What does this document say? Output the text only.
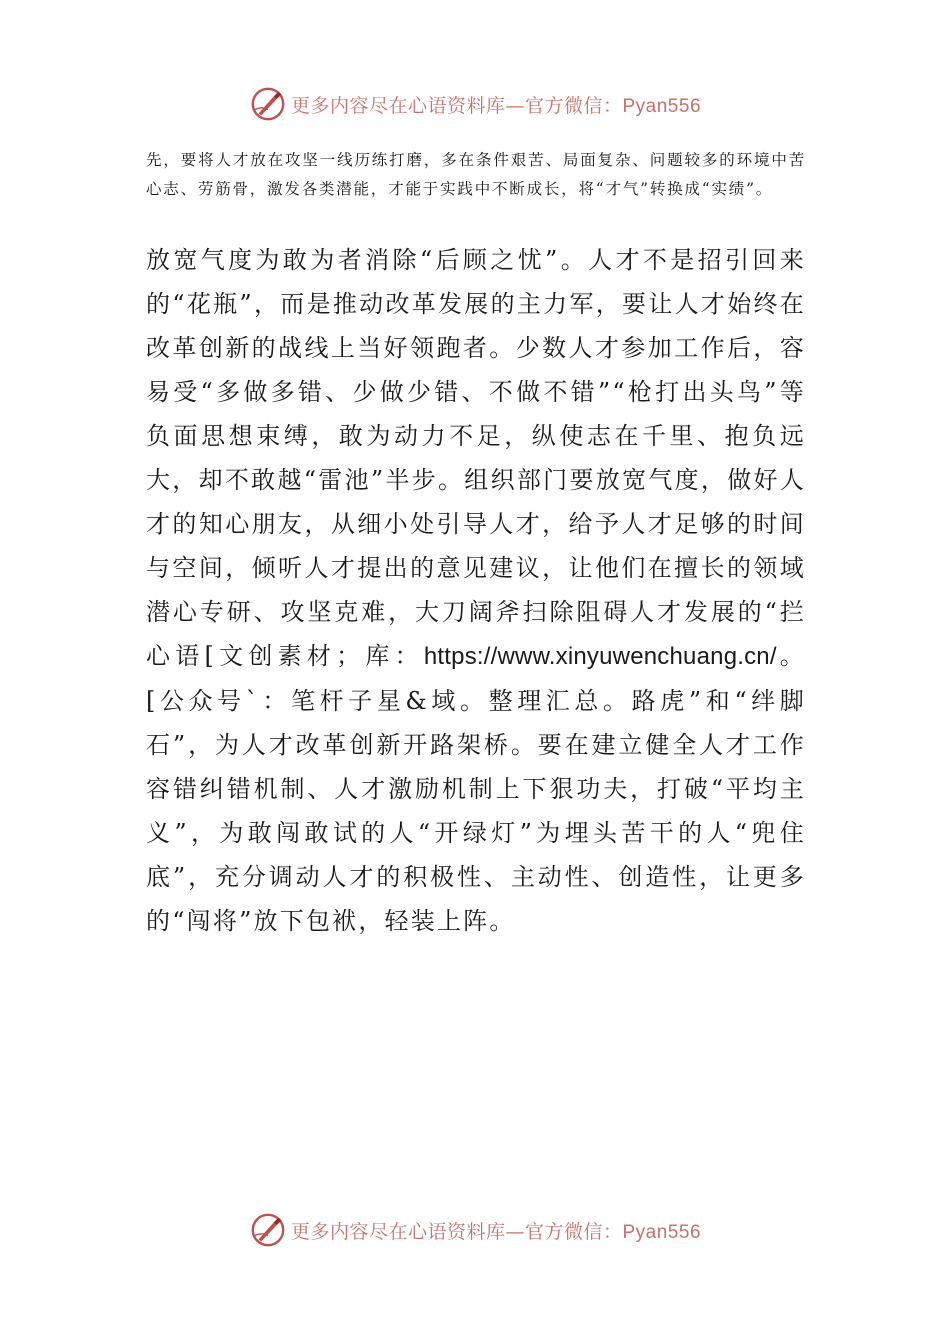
更多内容尽在心语资料库—官方微信：Pyan556
先，要将人才放在攻坚一线历练打磨，多在条件艰苦、局面复杂、问题较多的环境中苦心志、劳筋骨，激发各类潜能，才能于实践中不断成长，将“才气”转换成“实绩”。
放宽气度为敢为者消除“后顾之忧”。人才不是招引回来的“花瓶”，而是推动改革发展的主力军，要让人才始终在改革创新的战线上当好领跑者。少数人才参加工作后，容易受“多做多错、少做少错、不做不错”“枪打出头鸟”等负面思想束缚，敢为动力不足，纵使志在千里、抱负远大，却不敢越“雷池”半步。组织部门要放宽气度，做好人才的知心朋友，从细小处引导人才，给予人才足够的时间与空间，倾听人才提出的意见建议，让他们在擅长的领域潜心专研、攻坚克难，大刀阔斧扫除阻碍人才发展的“拦心语[文创素材；库：https://www.xinyuwenchuang.cn/。[公众号`：笔杆子星&域。整理汇总。路虎”和“绊脚石”，为人才改革创新开路架桥。要在建立健全人才工作容错纠错机制、人才激励机制上下狠功夫，打破“平均主义”，为敢闯敢试的人“开绿灯”为埋头苦干的人“兜住底”，充分调动人才的积极性、主动性、创造性，让更多的“闯将”放下包袱，轻装上阵。
更多内容尽在心语资料库—官方微信：Pyan556
